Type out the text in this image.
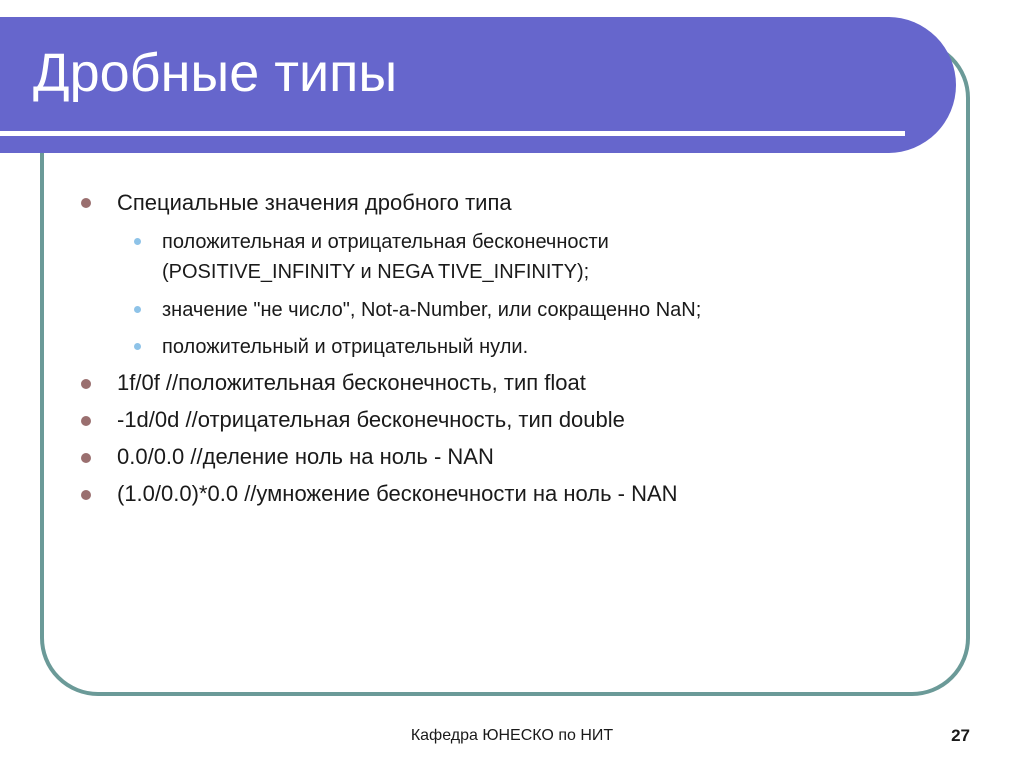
Дробные типы
Специальные значения дробного типа
положительная и отрицательная бесконечности
(POSITIVE_INFINITY и NEGA TIVE_INFINITY);
значение "не число", Not-a-Number, или сокращенно NaN;
положительный и отрицательный нули.
1f/0f //положительная бесконечность, тип float
-1d/0d //отрицательная бесконечность, тип double
0.0/0.0 //деление ноль на ноль - NAN
(1.0/0.0)*0.0 //умножение бесконечности на ноль - NAN
Кафедра ЮНЕСКО по НИТ	27
